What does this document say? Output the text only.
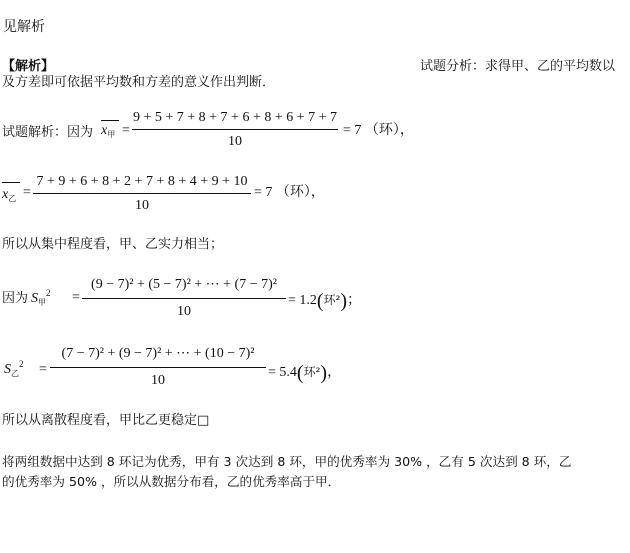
见解析
【解析】	试题分析：求得甲、乙的平均数以
及方差即可依据平均数和方差的意义作出判断．
试题解析：因为 $x_甲$ =
9 + 5 + 7 + 8 + 7 + 6 + 8 + 6 + 7 + 7
10
= 7 （环），
$x_乙$ =
7 + 9 + 6 + 8 + 2 + 7 + 8 + 4 + 9 + 10
10
= 7 （环），
所以从集中程度看，甲、乙实力相当；
因为 $S_甲^2$ =
(9 − 7)² + (5 − 7)² + ⋯ + (7 − 7)²
10
= 1.2(环²)；
$S_乙^2$ =
(7 − 7)² + (9 − 7)² + ⋯ + (10 − 7)²
10
= 5.4(环²)，
所以从离散程度看，甲比乙更稳定□
将两组数据中达到 8 环记为优秀，甲有 3 次达到 8 环，甲的优秀率为 30% ，乙有 5 次达到 8 环，乙
的优秀率为 50% ，所以从数据分布看，乙的优秀率高于甲．
